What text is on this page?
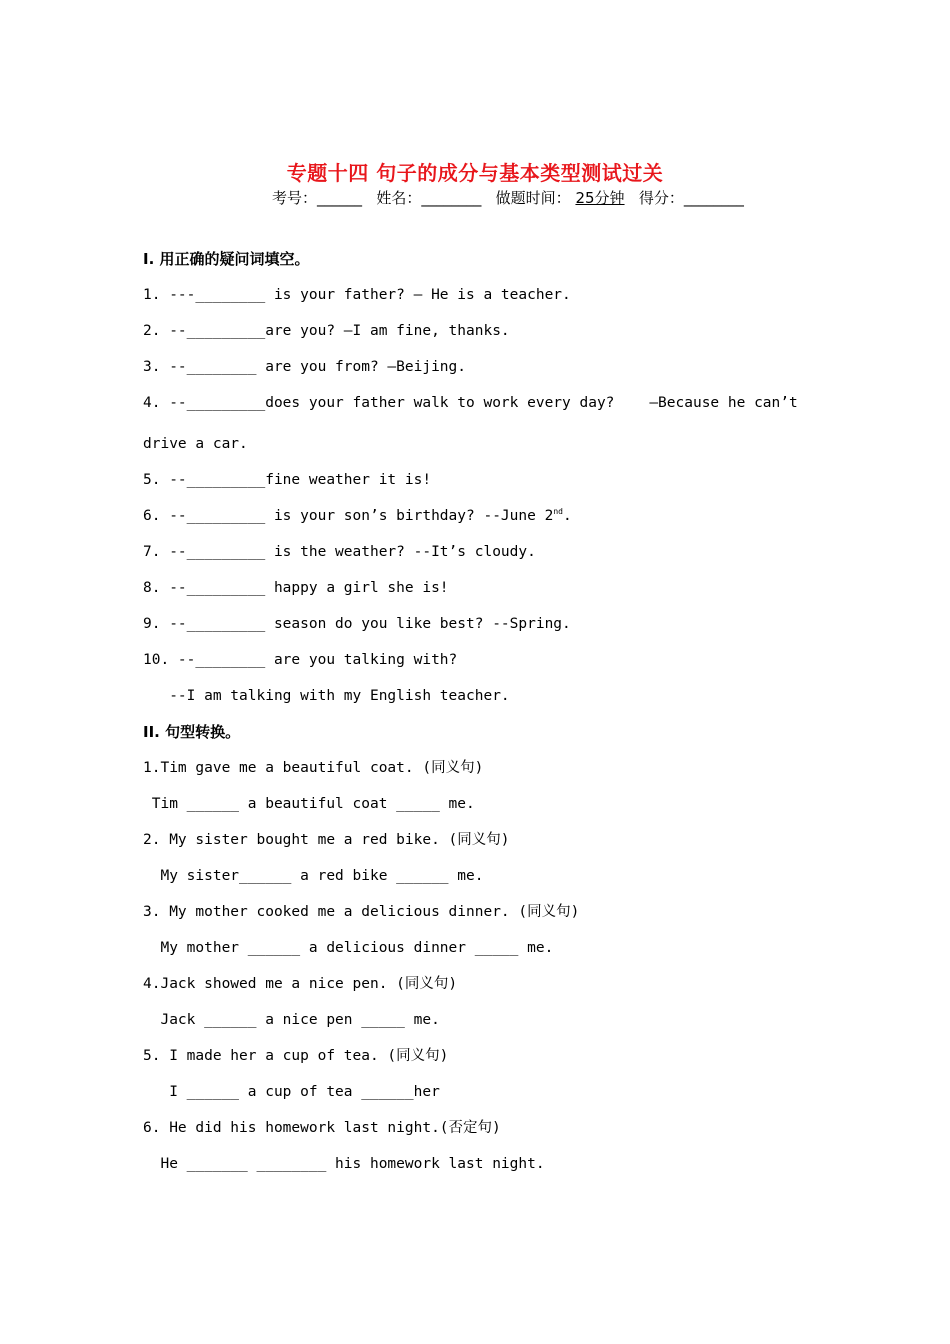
专题十四 句子的成分与基本类型测试过关
考号：______ 姓名：________ 做题时间： 25分钟 得分：________
I. 用正确的疑问词填空。
1. ---________ is your father? – He is a teacher.
2. --_________are you? –I am fine, thanks.
3. --________ are you from? –Beijing.
4. --_________does your father walk to work every day?    –Because he can’t
drive a car.
5. --_________fine weather it is!
6. --_________ is your son’s birthday? --June 2nd.
7. --_________ is the weather? --It’s cloudy.
8. --_________ happy a girl she is!
9. --_________ season do you like best? --Spring.
10. --________ are you talking with?
--I am talking with my English teacher.
II. 句型转换。
1.Tim gave me a beautiful coat. (同义句)
Tim ______ a beautiful coat _____ me.
2. My sister bought me a red bike. (同义句)
My sister______ a red bike ______ me.
3. My mother cooked me a delicious dinner. (同义句)
My mother ______ a delicious dinner _____ me.
4.Jack showed me a nice pen. (同义句)
Jack ______ a nice pen _____ me.
5. I made her a cup of tea. (同义句)
I ______ a cup of tea ______her
6. He did his homework last night.(否定句)
He _______ ________ his homework last night.
